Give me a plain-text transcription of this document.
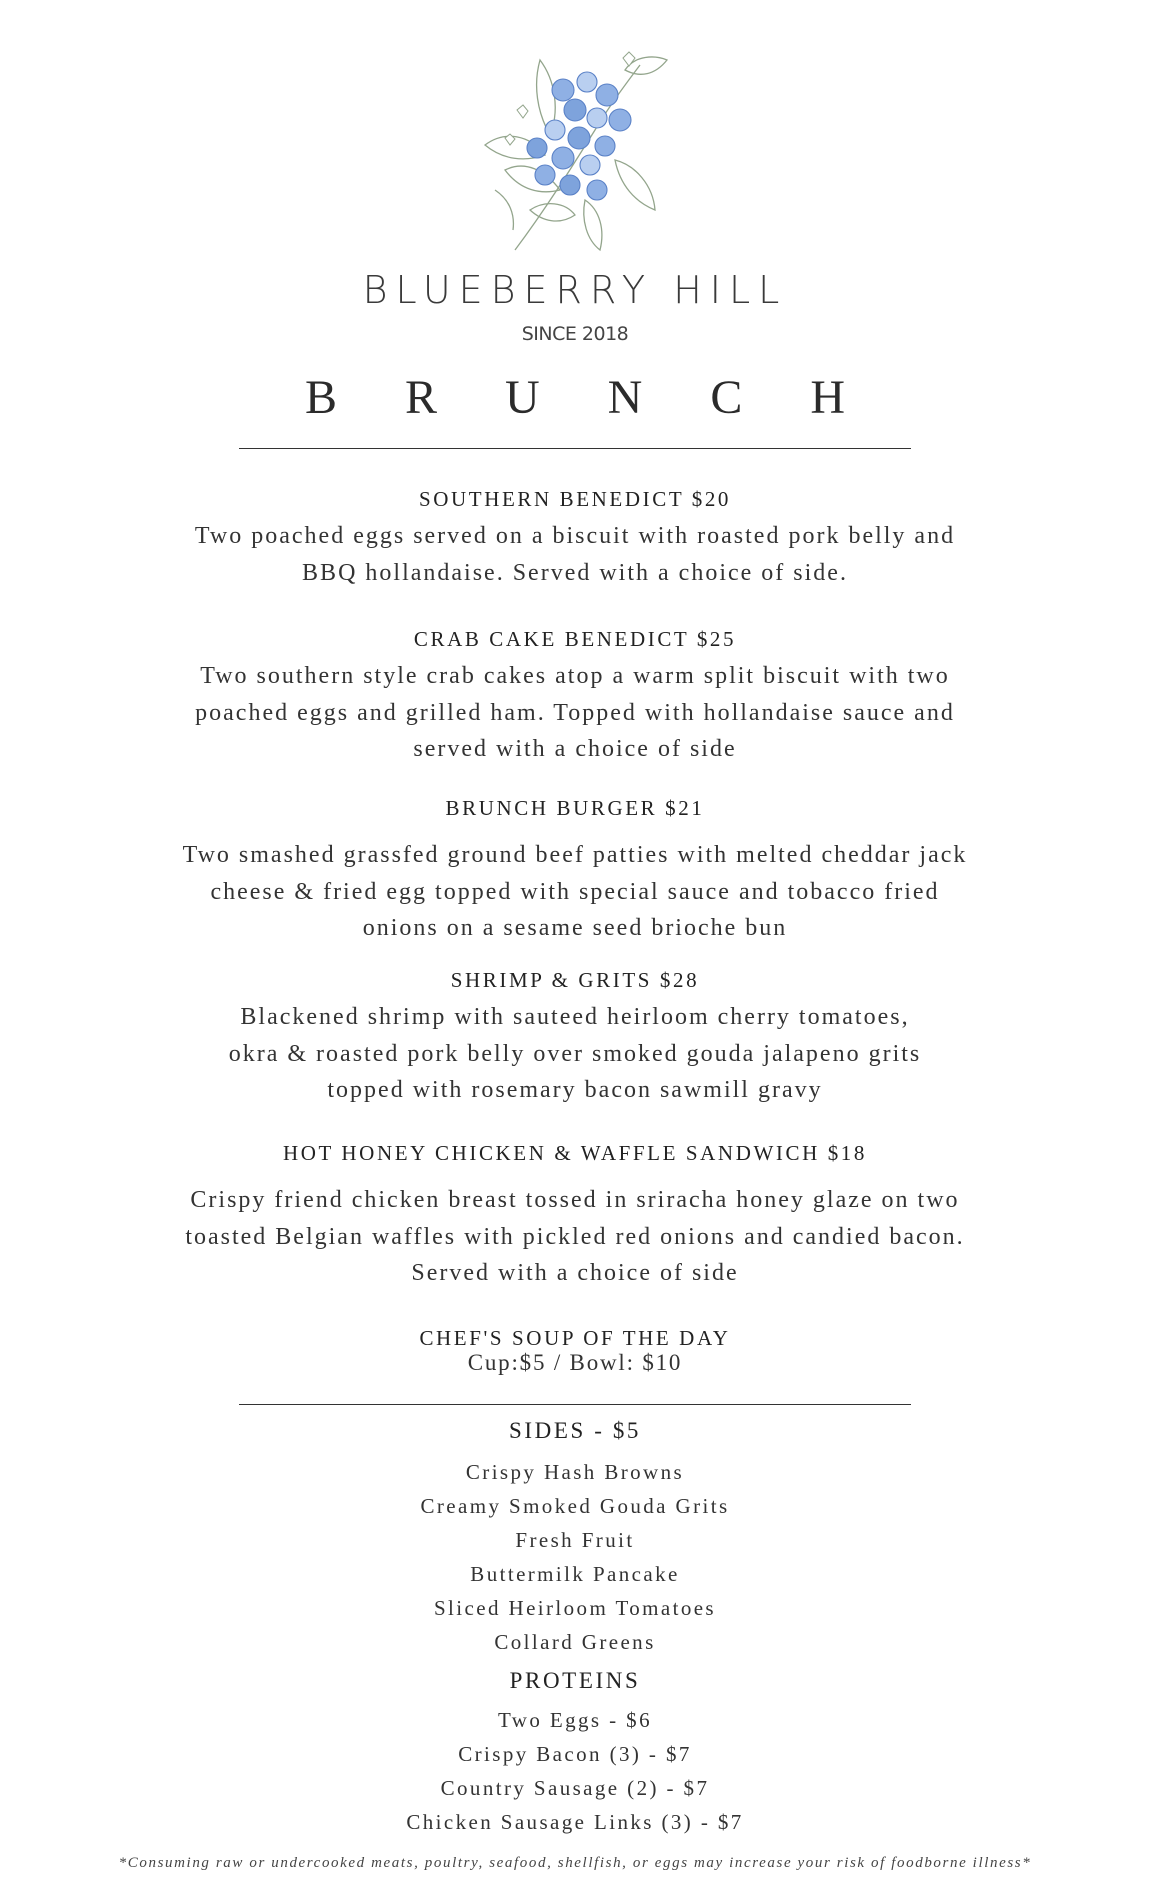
BLUEBERRY HILL
SINCE 2018
B R U N C H
SOUTHERN BENEDICT $20
Two poached eggs served on a biscuit with roasted pork belly and
BBQ hollandaise. Served with a choice of side.
CRAB CAKE BENEDICT $25
Two southern style crab cakes atop a warm split biscuit with two
poached eggs and grilled ham. Topped with hollandaise sauce and
served with a choice of side
BRUNCH BURGER $21
Two smashed grassfed ground beef patties with melted cheddar jack
cheese & fried egg topped with special sauce and tobacco fried
onions on a sesame seed brioche bun
SHRIMP & GRITS $28
Blackened shrimp with sauteed heirloom cherry tomatoes,
okra & roasted pork belly over smoked gouda jalapeno grits
topped with rosemary bacon sawmill gravy
HOT HONEY CHICKEN & WAFFLE SANDWICH $18
Crispy friend chicken breast tossed in sriracha honey glaze on two
toasted Belgian waffles with pickled red onions and candied bacon.
Served with a choice of side
CHEF'S SOUP OF THE DAY
Cup:$5 / Bowl: $10
SIDES - $5
Crispy Hash Browns
Creamy Smoked Gouda Grits
Fresh Fruit
Buttermilk Pancake
Sliced Heirloom Tomatoes
Collard Greens
PROTEINS
Two Eggs - $6
Crispy Bacon (3) - $7
Country Sausage (2) - $7
Chicken Sausage Links (3) - $7
*Consuming raw or undercooked meats, poultry, seafood, shellfish, or eggs may increase your risk of foodborne illness*
